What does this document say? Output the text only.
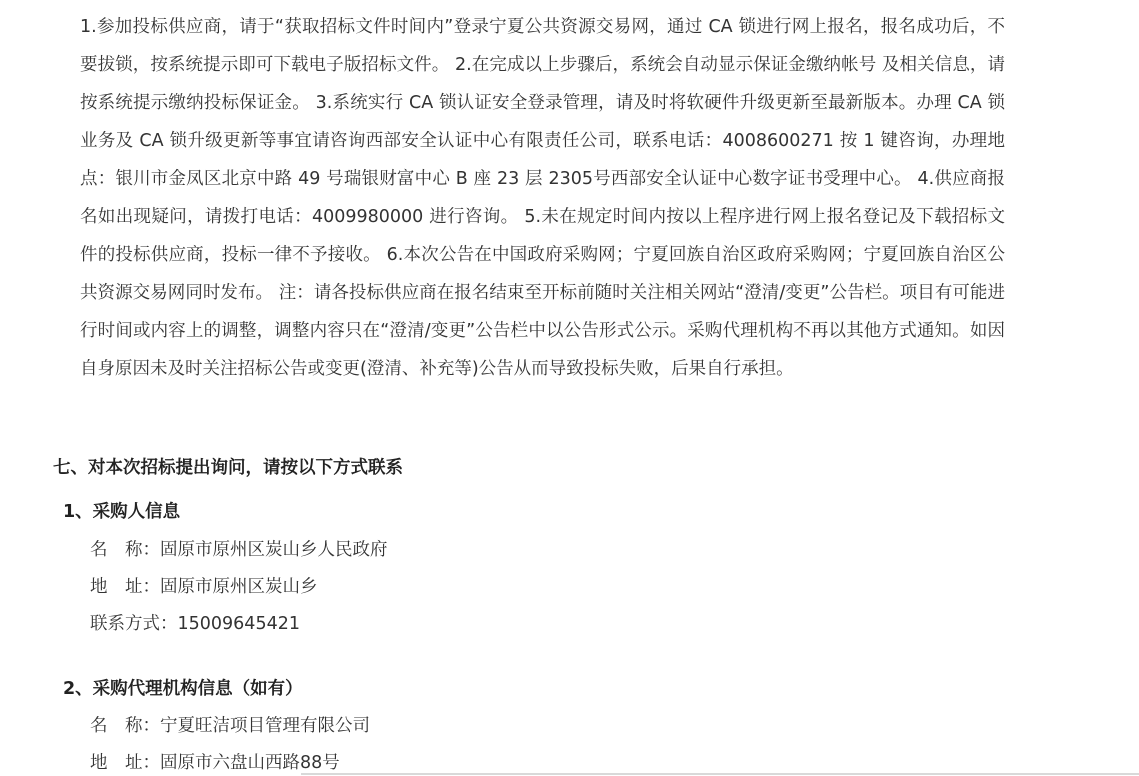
1.参加投标供应商，请于“获取招标文件时间内”登录宁夏公共资源交易网，通过 CA 锁进行网上报名，报名成功后，不要拔锁，按系统提示即可下载电子版招标文件。 2.在完成以上步骤后，系统会自动显示保证金缴纳帐号 及相关信息，请按系统提示缴纳投标保证金。 3.系统实行 CA 锁认证安全登录管理，请及时将软硬件升级更新至最新版本。办理 CA 锁业务及 CA 锁升级更新等事宜请咨询西部安全认证中心有限责任公司，联系电话：4008600271 按 1 键咨询，办理地点：银川市金凤区北京中路 49 号瑞银财富中心 B 座 23 层 2305号西部安全认证中心数字证书受理中心。 4.供应商报名如出现疑问，请拨打电话：4009980000 进行咨询。 5.未在规定时间内按以上程序进行网上报名登记及下载招标文件的投标供应商，投标一律不予接收。 6.本次公告在中国政府采购网；宁夏回族自治区政府采购网；宁夏回族自治区公共资源交易网同时发布。 注：请各投标供应商在报名结束至开标前随时关注相关网站“澄清/变更”公告栏。项目有可能进行时间或内容上的调整，调整内容只在“澄清/变更”公告栏中以公告形式公示。采购代理机构不再以其他方式通知。如因自身原因未及时关注招标公告或变更(澄清、补充等)公告从而导致投标失败，后果自行承担。

七、对本次招标提出询问，请按以下方式联系
1、采购人信息
名　称：固原市原州区炭山乡人民政府
地　址：固原市原州区炭山乡
联系方式：15009645421
2、采购代理机构信息（如有）
名　称：宁夏旺洁项目管理有限公司
地　址：固原市六盘山西路88号
